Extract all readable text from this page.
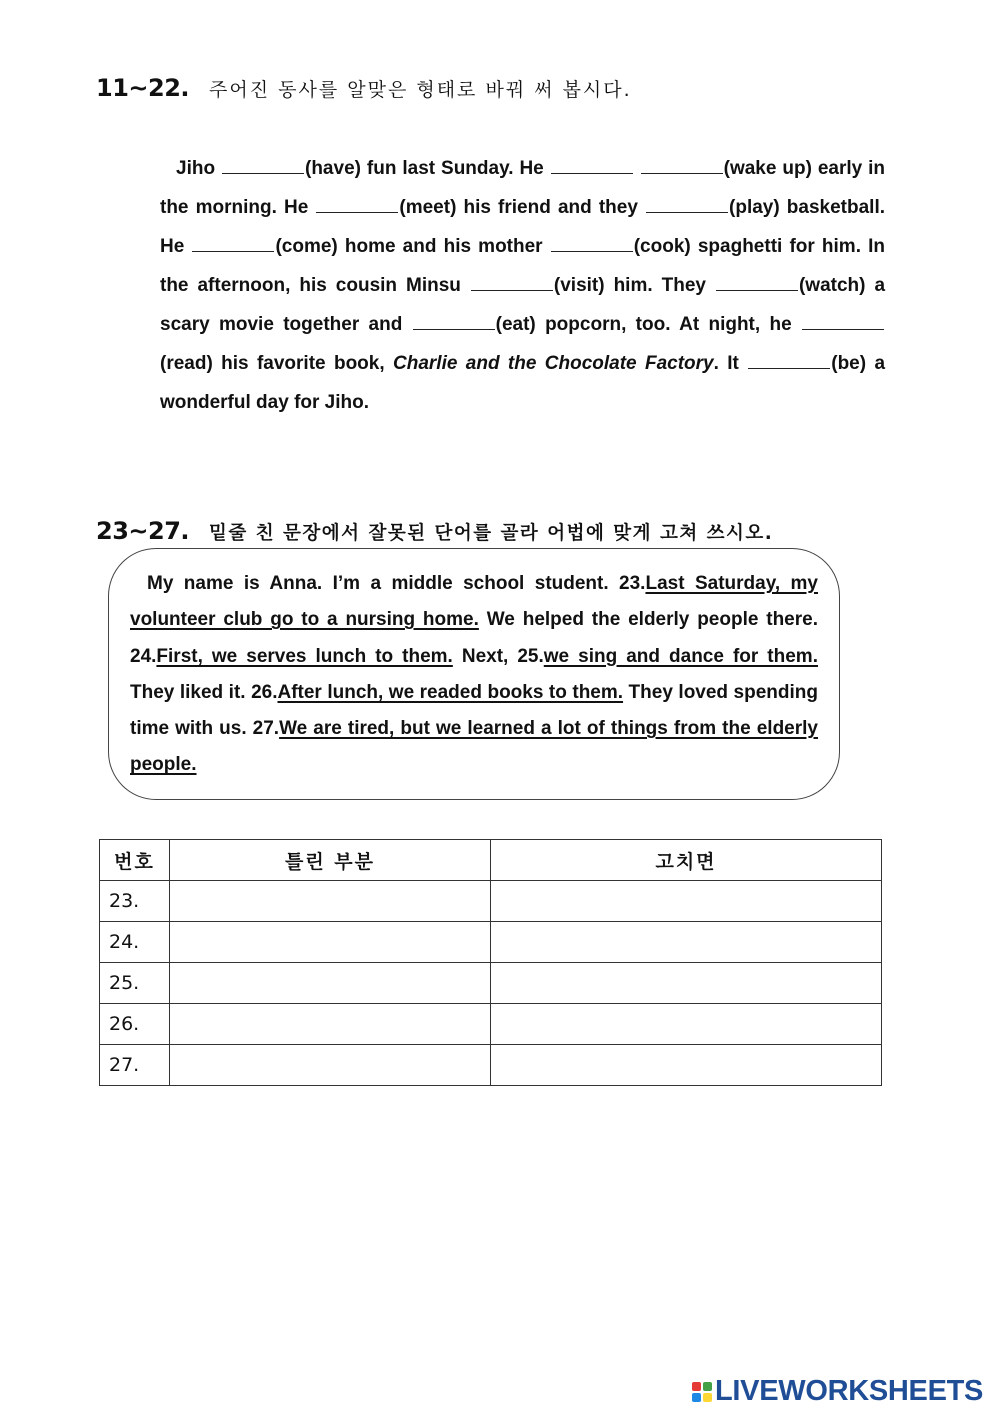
11~22. 주어진 동사를 알맞은 형태로 바꿔 써 봅시다.
Jiho	(have) fun last Sunday. He	(wake up) early in the morning. He	(meet) his friend and they	(play) basketball. He	(come) home and his mother	(cook) spaghetti for him. In the afternoon, his cousin Minsu	(visit) him. They	(watch) a scary movie together and	(eat) popcorn, too. At night, he (read) his favorite book, Charlie and the Chocolate Factory. It	(be) a wonderful day for Jiho.
23~27. 밑줄 친 문장에서 잘못된 단어를 골라 어법에 맞게 고쳐 쓰시오.
My name is Anna. I’m a middle school student. 23.Last Saturday, my volunteer club go to a nursing home. We helped the elderly people there. 24.First, we serves lunch to them. Next, 25.we sing and dance for them. They liked it. 26.After lunch, we readed books to them. They loved spending time with us. 27.We are tired, but we learned a lot of things from the elderly people.
번호	틀린 부분	고치면
23.		
24.		
25.		
26.		
27.		
LIVEWORKSHEETS
